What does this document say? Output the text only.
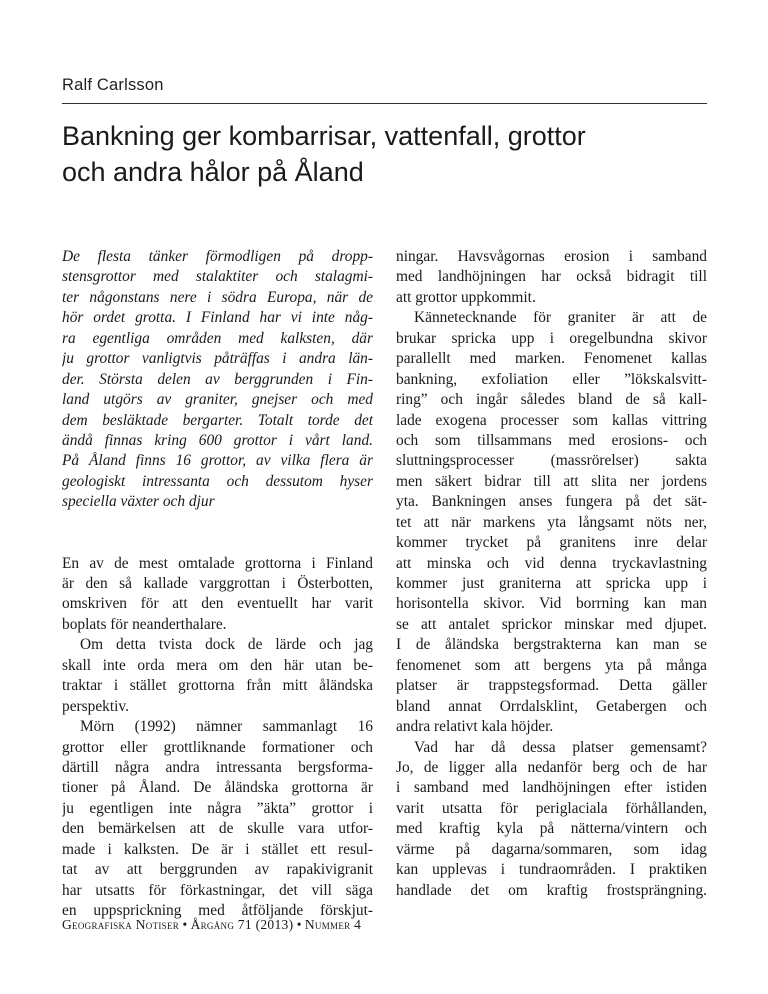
Ralf Carlsson
Bankning ger kombarrisar, vattenfall, grottor
och andra hålor på Åland
De flesta tänker förmodligen på dropp-
stensgrottor med stalaktiter och stalagmi-
ter någonstans nere i södra Europa, när de
hör ordet grotta. I Finland har vi inte någ-
ra egentliga områden med kalksten, där
ju grottor vanligtvis påträffas i andra län-
der. Största delen av berggrunden i Fin-
land utgörs av graniter, gnejser och med
dem besläktade bergarter. Totalt torde det
ändå finnas kring 600 grottor i vårt land.
På Åland finns 16 grottor, av vilka flera är
geologiskt intressanta och dessutom hyser
speciella växter och djur
En av de mest omtalade grottorna i Finland
är den så kallade varggrottan i Österbotten,
omskriven för att den eventuellt har varit
boplats för neanderthalare.
Om detta tvista dock de lärde och jag
skall inte orda mera om den här utan be-
traktar i stället grottorna från mitt åländska
perspektiv.
Mörn (1992) nämner sammanlagt 16
grottor eller grottliknande formationer och
därtill några andra intressanta bergsforma-
tioner på Åland. De åländska grottorna är
ju egentligen inte några ”äkta” grottor i
den bemärkelsen att de skulle vara utfor-
made i kalksten. De är i stället ett resul-
tat av att berggrunden av rapakivigranit
har utsatts för förkastningar, det vill säga
en uppsprickning med åtföljande förskjut-
ningar. Havsvågornas erosion i samband
med landhöjningen har också bidragit till
att grottor uppkommit.
Kännetecknande för graniter är att de
brukar spricka upp i oregelbundna skivor
parallellt med marken. Fenomenet kallas
bankning, exfoliation eller ”lökskalsvitt-
ring” och ingår således bland de så kall-
lade exogena processer som kallas vittring
och som tillsammans med erosions- och
sluttningsprocesser (massrörelser) sakta
men säkert bidrar till att slita ner jordens
yta. Bankningen anses fungera på det sät-
tet att när markens yta långsamt nöts ner,
kommer trycket på granitens inre delar
att minska och vid denna tryckavlastning
kommer just graniterna att spricka upp i
horisontella skivor. Vid borrning kan man
se att antalet sprickor minskar med djupet.
I de åländska bergstrakterna kan man se
fenomenet som att bergens yta på många
platser är trappstegsformad. Detta gäller
bland annat Orrdalsklint, Getabergen och
andra relativt kala höjder.
Vad har då dessa platser gemensamt?
Jo, de ligger alla nedanför berg och de har
i samband med landhöjningen efter istiden
varit utsatta för periglaciala förhållanden,
med kraftig kyla på nätterna/vintern och
värme på dagarna/sommaren, som idag
kan upplevas i tundraområden. I praktiken
handlade det om kraftig frostsprängning.
Geografiska Notiser • Årgång 71 (2013) • Nummer 4
